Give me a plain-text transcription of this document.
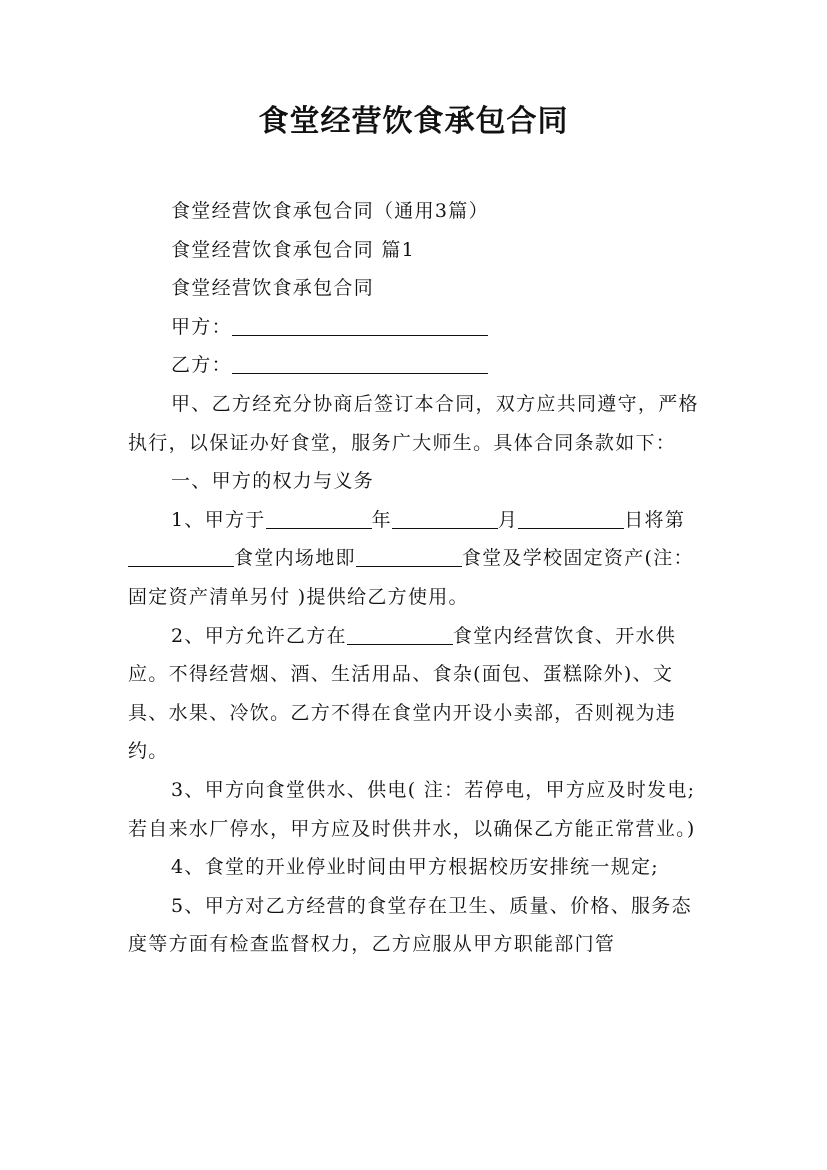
食堂经营饮食承包合同

食堂经营饮食承包合同（通用3篇）

食堂经营饮食承包合同 篇1

食堂经营饮食承包合同

甲方：

乙方：

甲、乙方经充分协商后签订本合同，双方应共同遵守，严格执行，以保证办好食堂，服务广大师生。具体合同条款如下：

一、甲方的权力与义务

1、甲方于	年	月	日将第食堂内场地即	食堂及学校固定资产(注：固定资产清单另付 )提供给乙方使用。

2、甲方允许乙方在	食堂内经营饮食、开水供应。不得经营烟、酒、生活用品、食杂(面包、蛋糕除外)、文具、水果、冷饮。乙方不得在食堂内开设小卖部，否则视为违约。

3、甲方向食堂供水、供电( 注：若停电，甲方应及时发电;若自来水厂停水，甲方应及时供井水，以确保乙方能正常营业。)

4、食堂的开业停业时间由甲方根据校历安排统一规定;

5、甲方对乙方经营的食堂存在卫生、质量、价格、服务态度等方面有检查监督权力，乙方应服从甲方职能部门管
